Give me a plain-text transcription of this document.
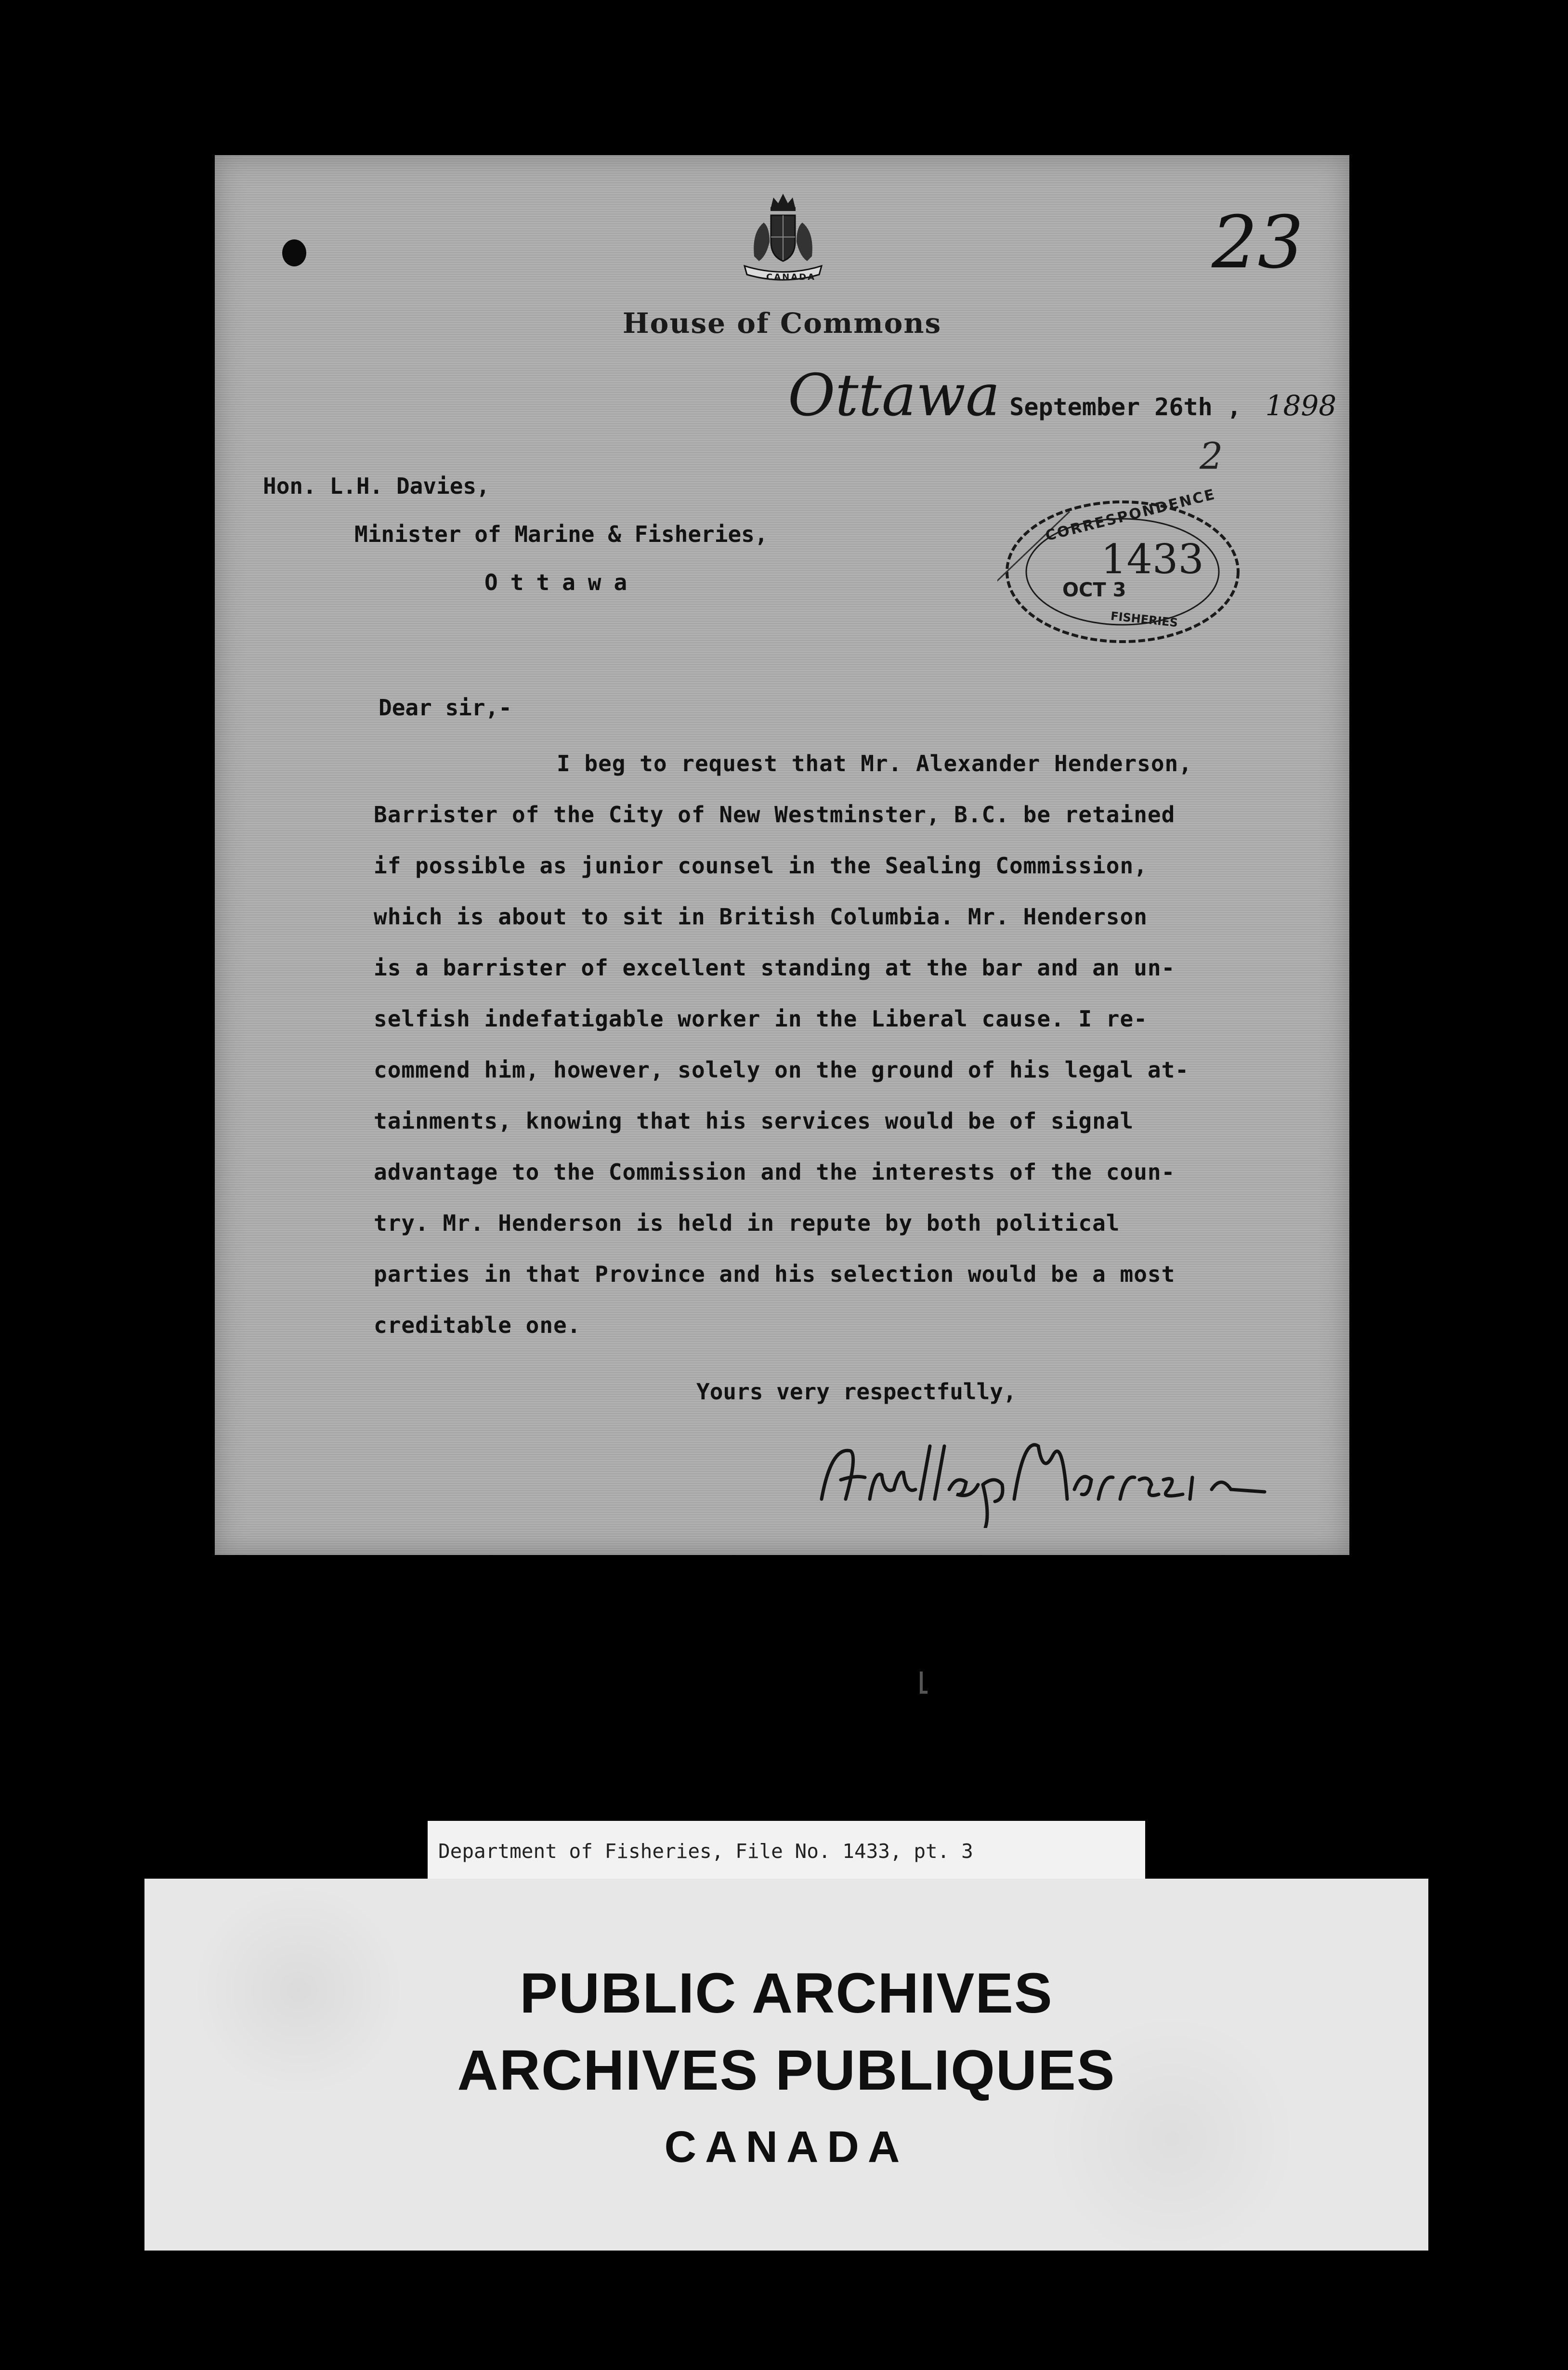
CANADA	23
House of Commons
Ottawa September 26th , 1898
2
Hon. L.H. Davies,
Minister of Marine & Fisheries,
Ottawa
CORRESPONDENCE
1433
OCT 3
FISHERIES
Dear sir,-
I beg to request that Mr. Alexander Henderson,
Barrister of the City of New Westminster, B.C. be retained
if possible as junior counsel in the Sealing Commission,
which is about to sit in British Columbia. Mr. Henderson
is a barrister of excellent standing at the bar and an un-
selfish indefatigable worker in the Liberal cause. I re-
commend him, however, solely on the ground of his legal at-
tainments, knowing that his services would be of signal
advantage to the Commission and the interests of the coun-
try. Mr. Henderson is held in repute by both political
parties in that Province and his selection would be a most
creditable one.
Yours very respectfully,
Department of Fisheries, File No. 1433, pt. 3
PUBLIC ARCHIVES
ARCHIVES PUBLIQUES
CANADA
